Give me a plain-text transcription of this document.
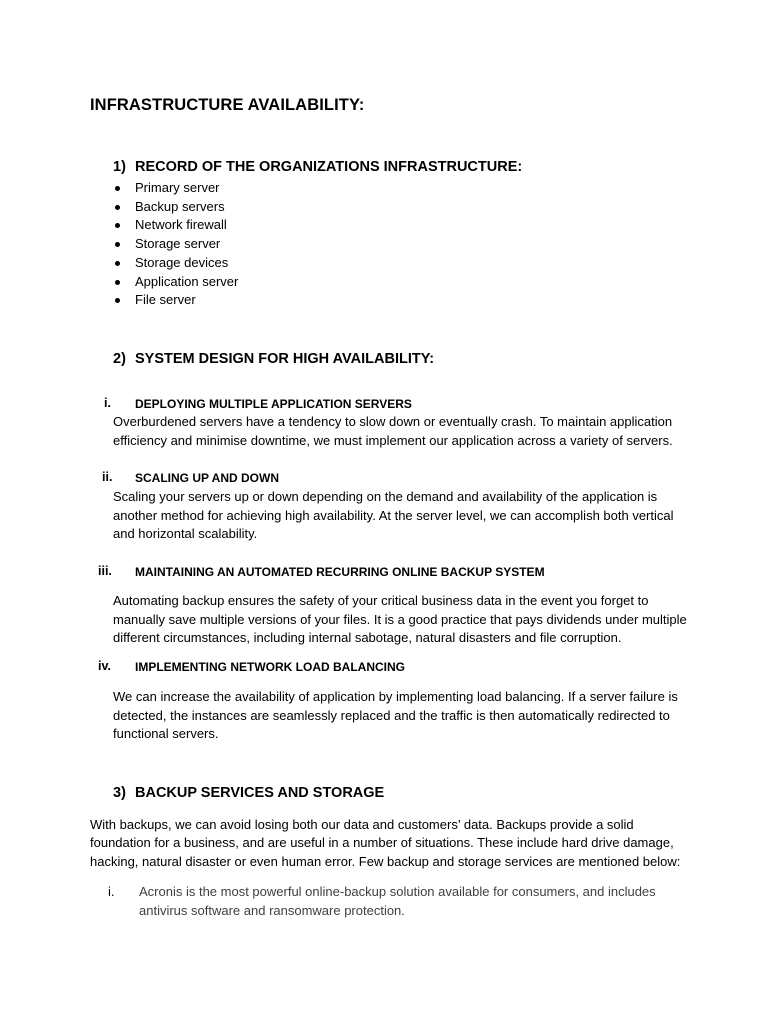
INFRASTRUCTURE AVAILABILITY:
1) RECORD OF THE ORGANIZATIONS INFRASTRUCTURE:
Primary server
Backup servers
Network firewall
Storage server
Storage devices
Application server
File server
2) SYSTEM DESIGN FOR HIGH AVAILABILITY:
i. DEPLOYING MULTIPLE APPLICATION SERVERS
Overburdened servers have a tendency to slow down or eventually crash. To maintain application
efficiency and minimise downtime, we must implement our application across a variety of servers.
ii. SCALING UP AND DOWN
Scaling your servers up or down depending on the demand and availability of the application is
another method for achieving high availability. At the server level, we can accomplish both vertical
and horizontal scalability.
iii. MAINTAINING AN AUTOMATED RECURRING ONLINE BACKUP SYSTEM
Automating backup ensures the safety of your critical business data in the event you forget to
manually save multiple versions of your files. It is a good practice that pays dividends under multiple
different circumstances, including internal sabotage, natural disasters and file corruption.
iv. IMPLEMENTING NETWORK LOAD BALANCING
We can increase the availability of application by implementing load balancing. If a server failure is
detected, the instances are seamlessly replaced and the traffic is then automatically redirected to
functional servers.
3) BACKUP SERVICES AND STORAGE
With backups, we can avoid losing both our data and customers’ data. Backups provide a solid
foundation for a business, and are useful in a number of situations. These include hard drive damage,
hacking, natural disaster or even human error. Few backup and storage services are mentioned below:
i. Acronis is the most powerful online-backup solution available for consumers, and includes
antivirus software and ransomware protection.
